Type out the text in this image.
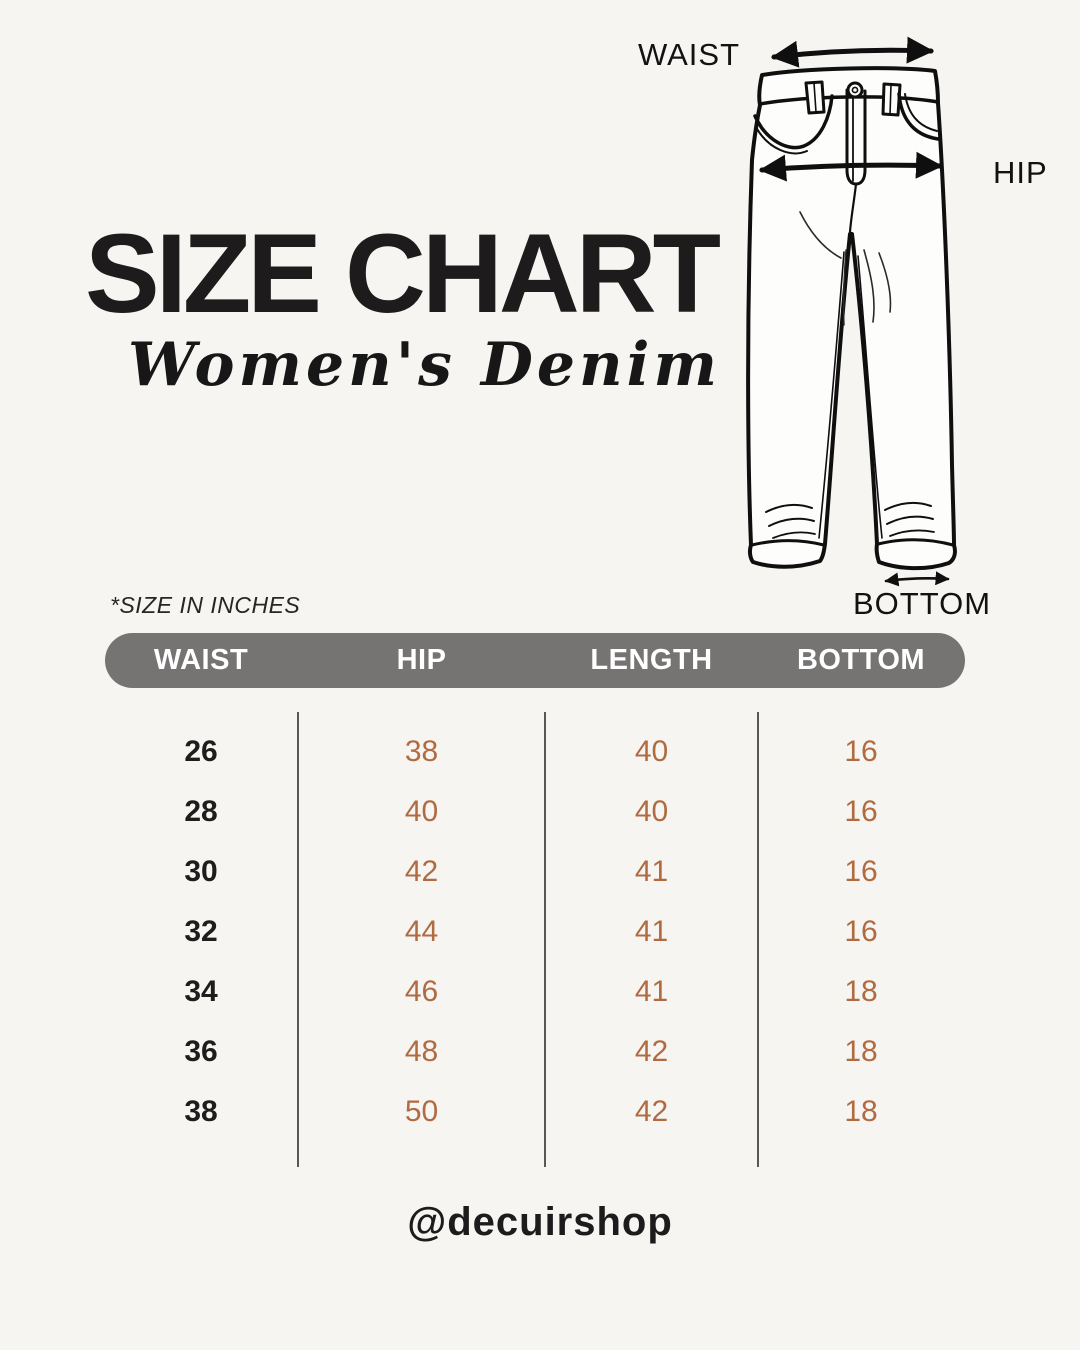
WAIST
HIP
BOTTOM
SIZE CHART
Women's Denim
*SIZE IN INCHES
WAIST	HIP	LENGTH	BOTTOM
26	38	40	16
28	40	40	16
30	42	41	16
32	44	41	16
34	46	41	18
36	48	42	18
38	50	42	18
@decuirshop
